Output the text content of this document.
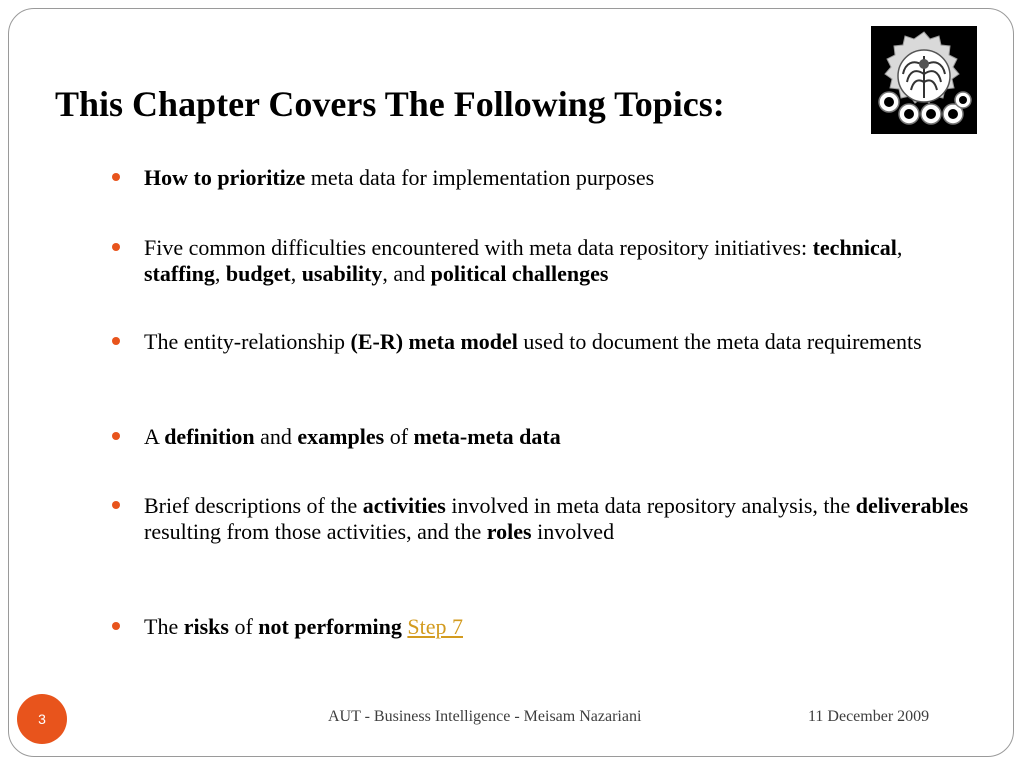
This Chapter Covers The Following Topics:
How to prioritize meta data for implementation purposes
Five common difficulties encountered with meta data repository initiatives: technical, staffing, budget, usability, and political challenges
The entity-relationship (E-R) meta model used to document the meta data requirements
A definition and examples of meta-meta data
Brief descriptions of the activities involved in meta data repository analysis, the deliverables resulting from those activities, and the roles involved
The risks of not performing Step 7
3	AUT - Business Intelligence - Meisam Nazariani	11 December 2009
